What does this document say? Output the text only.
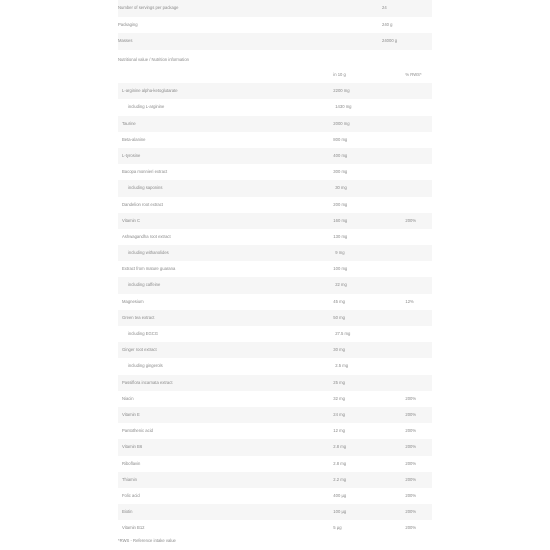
Number of servings per package	24
Packaging	240 g
Masses	24000 g
Nutritional value / Nutrition information
in 10 g	% RWS*
L-arginine alpha-ketoglutarate	2200 mg
including L-arginine	1430 mg
Taurine	2000 mg
Beta-alanine	800 mg
L-tyrosine	400 mg
Bacopa monnieri extract	300 mg
including saponins	30 mg
Dandelion root extract	200 mg
Vitamin C	160 mg	200%
Ashwagandha root extract	130 mg
including withanolides	9 mg
Extract from mature guarana	100 mg
including caffeine	22 mg
Magnesium	45 mg	12%
Green tea extract	50 mg
including EGCG	27.5 mg
Ginger root extract	30 mg
including gingerols	2.5 mg
Passiflora incarnata extract	25 mg
Niacin	32 mg	200%
Vitamin E	24 mg	200%
Pantothenic acid	12 mg	200%
Vitamin B6	2.8 mg	200%
Riboflavin	2.8 mg	200%
Thiamin	2.2 mg	200%
Folic acid	400 µg	200%
Biotin	100 µg	200%
Vitamin B12	5 µg	200%
*RWS - Reference intake value
